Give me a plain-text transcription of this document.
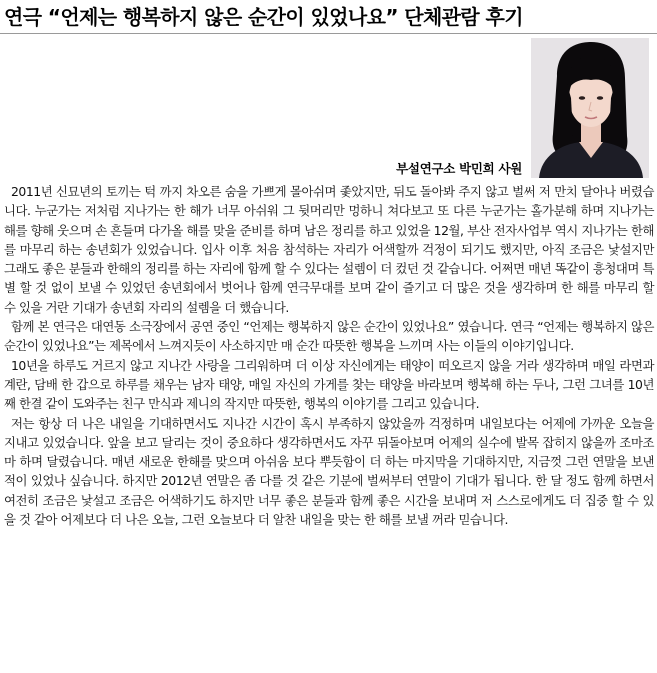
연극 “언제는 행복하지 않은 순간이 있었나요” 단체관람 후기
부설연구소 박민희 사원

2011년 신묘년의 토끼는 턱 까지 차오른 숨을 가쁘게 몰아쉬며 좇았지만, 뒤도 돌아봐 주지 않고 벌써 저 만치 달아나 버렸습니다. 누군가는 저처럼 지나가는 한 해가 너무 아쉬워 그 뒷머리만 멍하니 쳐다보고 또 다른 누군가는 홀가분해 하며 지나가는 해를 향해 웃으며 손 흔들며 다가올 해를 맞을 준비를 하며 남은 정리를 하고 있었을 12월, 부산 전자사업부 역시 지나가는 한해를 마무리 하는 송년회가 있었습니다. 입사 이후 처음 참석하는 자리가 어색할까 걱정이 되기도 했지만, 아직 조금은 낯설지만 그래도 좋은 분들과 한해의 정리를 하는 자리에 함께 할 수 있다는 설렘이 더 컸던 것 같습니다. 어쩌면 매년 똑같이 흥청대며 특별 할 것 없이 보낼 수 있었던 송년회에서 벗어나 함께 연극무대를 보며 같이 즐기고 더 많은 것을 생각하며 한 해를 마무리 할 수 있을 거란 기대가 송년회 자리의 설렘을 더 했습니다.

함께 본 연극은 대연동 소극장에서 공연 중인 “언제는 행복하지 않은 순간이 있었나요” 였습니다. 연극 “언제는 행복하지 않은 순간이 있었나요”는 제목에서 느껴지듯이 사소하지만 매 순간 따뜻한 행복을 느끼며 사는 이들의 이야기입니다.

10년을 하루도 거르지 않고 지나간 사랑을 그리워하며 더 이상 자신에게는 태양이 떠오르지 않을 거라 생각하며 매일 라면과 계란, 담배 한 갑으로 하루를 채우는 남자 태양, 매일 자신의 가게를 찾는 태양을 바라보며 행복해 하는 두나, 그런 그녀를 10년째 한결 같이 도와주는 친구 만식과 제니의 작지만 따뜻한, 행복의 이야기를 그리고 있습니다.

저는 항상 더 나은 내일을 기대하면서도 지나간 시간이 혹시 부족하지 않았을까 걱정하며 내일보다는 어제에 가까운 오늘을 지내고 있었습니다. 앞을 보고 달리는 것이 중요하다 생각하면서도 자꾸 뒤돌아보며 어제의 실수에 발목 잡히지 않을까 조마조마 하며 달렸습니다. 매년 새로운 한해를 맞으며 아쉬움 보다 뿌듯함이 더 하는 마지막을 기대하지만, 지금껏 그런 연말을 보낸 적이 있었나 싶습니다. 하지만 2012년 연말은 좀 다를 것 같은 기분에 벌써부터 연말이 기대가 됩니다. 한 달 정도 함께 하면서 여전히 조금은 낯설고 조금은 어색하기도 하지만 너무 좋은 분들과 함께 좋은 시간을 보내며 저 스스로에게도 더 집중 할 수 있을 것 같아 어제보다 더 나은 오늘, 그런 오늘보다 더 알찬 내일을 맞는 한 해를 보낼 꺼라 믿습니다.
